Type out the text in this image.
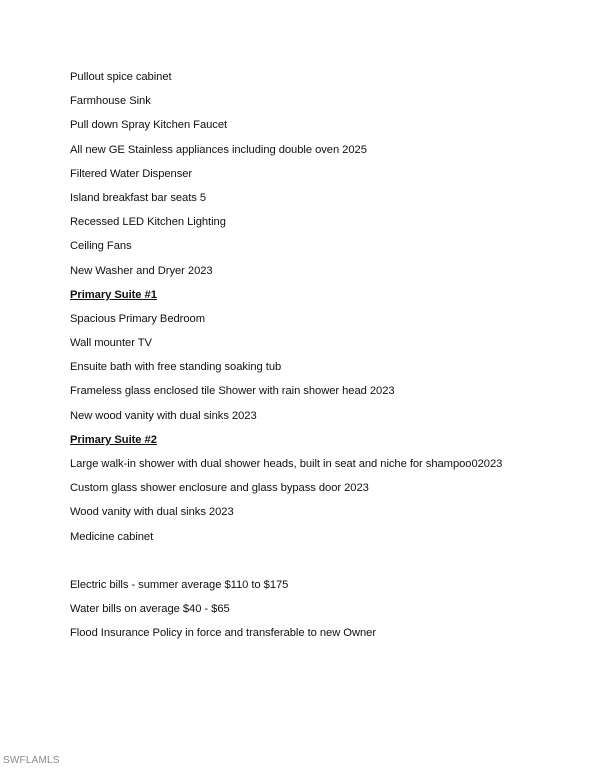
Pullout spice cabinet
Farmhouse Sink
Pull down Spray Kitchen Faucet
All new GE Stainless appliances including double oven 2025
Filtered Water Dispenser
Island breakfast bar seats 5
Recessed LED Kitchen Lighting
Ceiling Fans
New Washer and Dryer 2023
Primary Suite #1
Spacious Primary Bedroom
Wall mounter TV
Ensuite bath with free standing soaking tub
Frameless glass enclosed tile Shower with rain shower head 2023
New wood vanity with dual sinks 2023
Primary Suite #2
Large walk-in shower with dual shower heads, built in seat and niche for shampoo02023
Custom glass shower enclosure and glass bypass door 2023
Wood vanity with dual sinks 2023
Medicine cabinet
Electric bills - summer average $110 to $175
Water bills on average $40 - $65
Flood Insurance Policy in force and transferable to new Owner
SWFLAMLS
